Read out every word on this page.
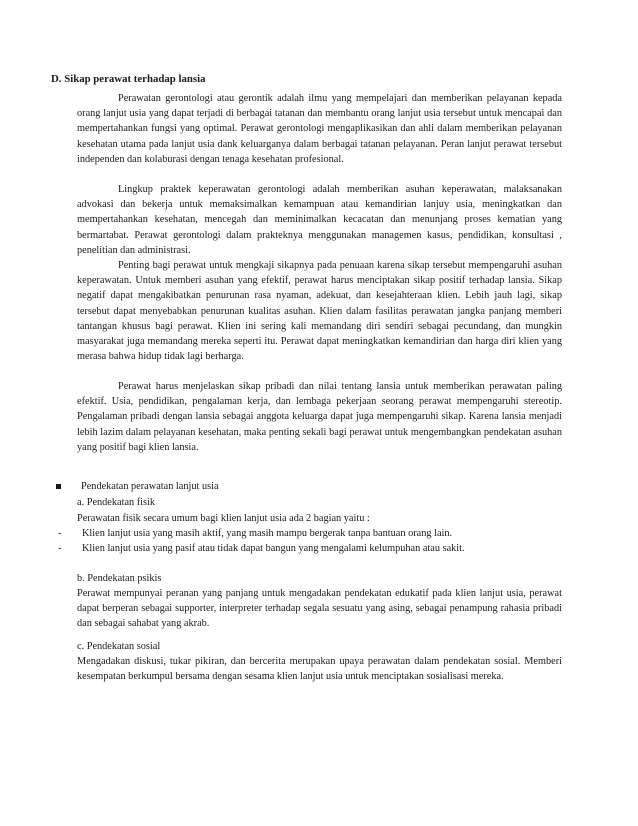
D. Sikap perawat terhadap lansia

Perawatan gerontologi atau gerontik adalah ilmu yang mempelajari dan memberikan pelayanan kepada orang lanjut usia yang dapat terjadi di berbagai tatanan dan membantu orang lanjut usia tersebut untuk mencapai dan mempertahankan fungsi yang optimal. Perawat gerontologi mengaplikasikan dan ahli dalam memberikan pelayanan kesehatan utama pada lanjut usia dank keluarganya dalam berbagai tatanan pelayanan. Peran lanjut perawat tersebut independen dan kolaburasi dengan tenaga kesehatan profesional.

Lingkup praktek keperawatan gerontologi adalah memberikan asuhan keperawatan, malaksanakan advokasi dan bekerja untuk memaksimalkan kemampuan atau kemandirian lanjuy usia, meningkatkan dan mempertahankan kesehatan, mencegah dan meminimalkan kecacatan dan menunjang proses kematian yang bermartabat. Perawat gerontologi dalam prakteknya menggunakan managemen kasus, pendidikan, konsultasi , penelitian dan administrasi.

Penting bagi perawat untuk mengkaji sikapnya pada penuaan karena sikap tersebut mempengaruhi asuhan keperawatan. Untuk memberi asuhan yang efektif, perawat harus menciptakan sikap positif terhadap lansia. Sikap negatif dapat mengakibatkan penurunan rasa nyaman, adekuat, dan kesejahteraan klien. Lebih jauh lagi, sikap tersebut dapat menyebabkan penurunan kualitas asuhan. Klien dalam fasilitas perawatan jangka panjang memberi tantangan khusus bagi perawat. Klien ini sering kali memandang diri sendiri sebagai pecundang, dan mungkin masyarakat juga memandang mereka seperti itu. Perawat dapat meningkatkan kemandirian dan harga diri klien yang merasa bahwa hidup tidak lagi berharga.

Perawat harus menjelaskan sikap pribadi dan nilai tentang lansia untuk memberikan perawatan paling efektif. Usia, pendidikan, pengalaman kerja, dan lembaga pekerjaan seorang perawat mempengaruhi stereotip. Pengalaman pribadi dengan lansia sebagai anggota keluarga dapat juga mempengaruhi sikap. Karena lansia menjadi lebih lazim dalam pelayanan kesehatan, maka penting sekali bagi perawat untuk mengembangkan pendekatan asuhan yang positif bagi klien lansia.

Pendekatan perawatan lanjut usia
a. Pendekatan fisik
Perawatan fisik secara umum bagi klien lanjut usia ada 2 bagian yaitu :
- Klien lanjut usia yang masih aktif, yang masih mampu bergerak tanpa bantuan orang lain.
- Klien lanjut usia yang pasif atau tidak dapat bangun yang mengalami kelumpuhan atau sakit.
b. Pendekatan psikis

Perawat mempunyai peranan yang panjang untuk mengadakan pendekatan edukatif pada klien lanjut usia, perawat dapat berperan sebagai supporter, interpreter terhadap segala sesuatu yang asing, sebagai penampung rahasia pribadi dan sebagai sahabat yang akrab.

c. Pendekatan sosial

Mengadakan diskusi, tukar pikiran, dan bercerita merupakan upaya perawatan dalam pendekatan sosial. Memberi kesempatan berkumpul bersama dengan sesama klien lanjut usia untuk menciptakan sosialisasi mereka.
